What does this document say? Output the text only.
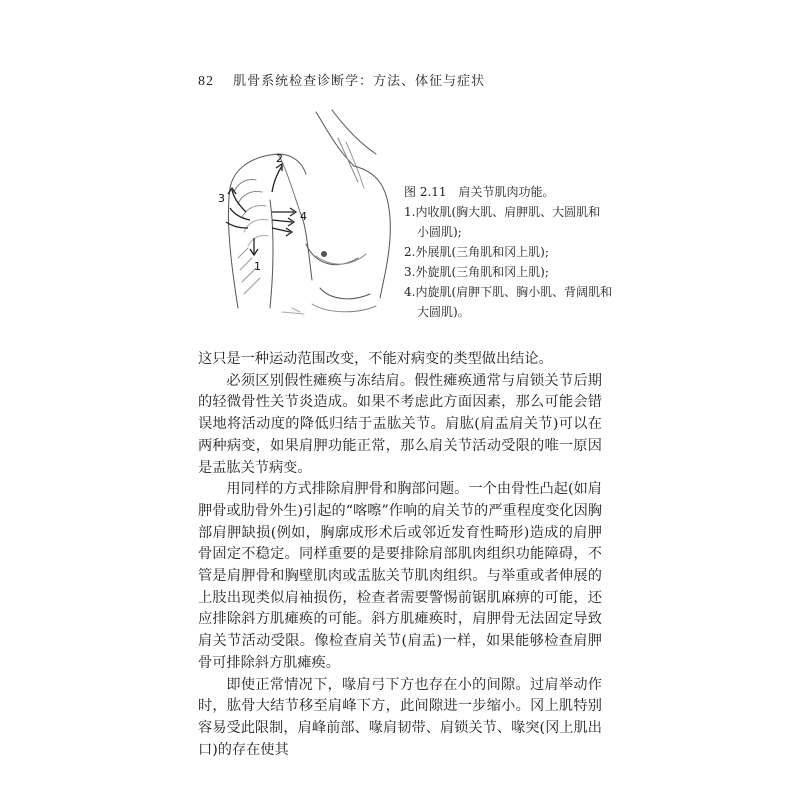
82 肌骨系统检查诊断学：方法、体征与症状
1
2
3
4
图 2.11　肩关节肌肉功能。
1.内收肌(胸大肌、肩胛肌、大圆肌和
小圆肌);
2.外展肌(三角肌和冈上肌);
3.外旋肌(三角肌和冈上肌);
4.内旋肌(肩胛下肌、胸小肌、背阔肌和
大圆肌)。

这只是一种运动范围改变，不能对病变的类型做出结论。

必须区别假性瘫痪与冻结肩。假性瘫痪通常与肩锁关节后期的轻微骨性关节炎造成。如果不考虑此方面因素，那么可能会错误地将活动度的降低归结于盂肱关节。肩肱(肩盂肩关节)可以在两种病变，如果肩胛功能正常，那么肩关节活动受限的唯一原因是盂肱关节病变。

用同样的方式排除肩胛骨和胸部问题。一个由骨性凸起(如肩胛骨或肋骨外生)引起的“喀嚓”作响的肩关节的严重程度变化因胸部肩胛缺损(例如，胸廓成形术后或邻近发育性畸形)造成的肩胛骨固定不稳定。同样重要的是要排除肩部肌肉组织功能障碍，不管是肩胛骨和胸壁肌肉或盂肱关节肌肉组织。与举重或者伸展的上肢出现类似肩袖损伤，检查者需要警惕前锯肌麻痹的可能，还应排除斜方肌瘫痪的可能。斜方肌瘫痪时，肩胛骨无法固定导致肩关节活动受限。像检查肩关节(肩盂)一样，如果能够检查肩胛骨可排除斜方肌瘫痪。

即使正常情况下，喙肩弓下方也存在小的间隙。过肩举动作时，肱骨大结节移至肩峰下方，此间隙进一步缩小。冈上肌特别容易受此限制，肩峰前部、喙肩韧带、肩锁关节、喙突(冈上肌出口)的存在使其
